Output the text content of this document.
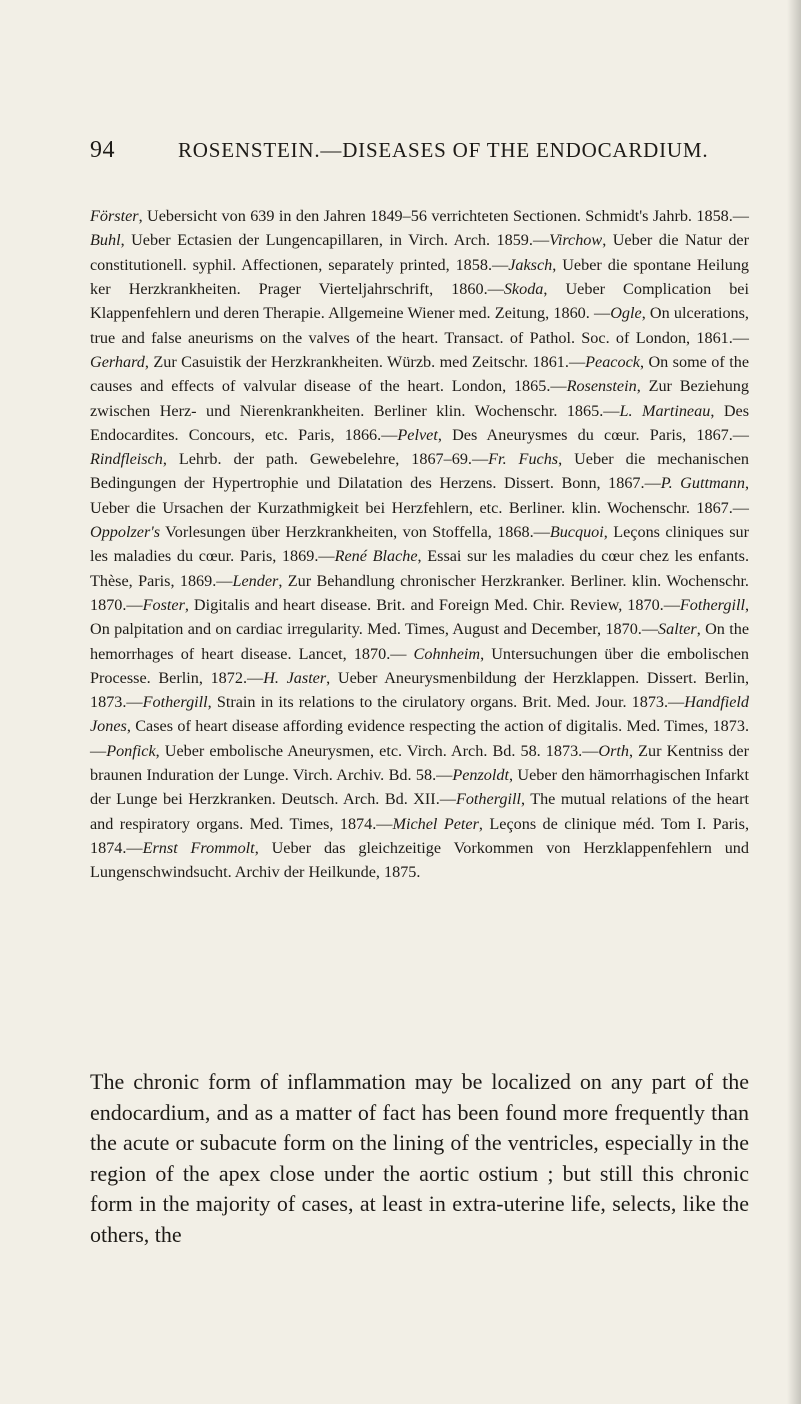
94	ROSENSTEIN.—DISEASES OF THE ENDOCARDIUM.

Förster, Uebersicht von 639 in den Jahren 1849–56 verrichteten Sectionen. Schmidt's Jahrb. 1858.—Buhl, Ueber Ectasien der Lungencapillaren, in Virch. Arch. 1859.—Virchow, Ueber die Natur der constitutionell. syphil. Affectionen, separately printed, 1858.—Jaksch, Ueber die spontane Heilung ker Herzkrankheiten. Prager Vierteljahrschrift, 1860.—Skoda, Ueber Complication bei Klappenfehlern und deren Therapie. Allgemeine Wiener med. Zeitung, 1860. —Ogle, On ulcerations, true and false aneurisms on the valves of the heart. Transact. of Pathol. Soc. of London, 1861.—Gerhard, Zur Casuistik der Herzkrankheiten. Würzb. med Zeitschr. 1861.—Peacock, On some of the causes and effects of valvular disease of the heart. London, 1865.—Rosenstein, Zur Beziehung zwischen Herz- und Nierenkrankheiten. Berliner klin. Wochenschr. 1865.—L. Martineau, Des Endocardites. Concours, etc. Paris, 1866.—Pelvet, Des Aneurysmes du cœur. Paris, 1867.—Rindfleisch, Lehrb. der path. Gewebelehre, 1867–69.—Fr. Fuchs, Ueber die mechanischen Bedingungen der Hypertrophie und Dilatation des Herzens. Dissert. Bonn, 1867.—P. Guttmann, Ueber die Ursachen der Kurzathmigkeit bei Herzfehlern, etc. Berliner. klin. Wochenschr. 1867.—Oppolzer's Vorlesungen über Herzkrankheiten, von Stoffella, 1868.—Bucquoi, Leçons cliniques sur les maladies du cœur. Paris, 1869.—René Blache, Essai sur les maladies du cœur chez les enfants. Thèse, Paris, 1869.—Lender, Zur Behandlung chronischer Herzkranker. Berliner. klin. Wochenschr. 1870.—Foster, Digitalis and heart disease. Brit. and Foreign Med. Chir. Review, 1870.—Fothergill, On palpitation and on cardiac irregularity. Med. Times, August and December, 1870.—Salter, On the hemorrhages of heart disease. Lancet, 1870.— Cohnheim, Untersuchungen über die embolischen Processe. Berlin, 1872.—H. Jaster, Ueber Aneurysmenbildung der Herzklappen. Dissert. Berlin, 1873.—Fothergill, Strain in its relations to the cirulatory organs. Brit. Med. Jour. 1873.—Handfield Jones, Cases of heart disease affording evidence respecting the action of digitalis. Med. Times, 1873.—Ponfick, Ueber embolische Aneurysmen, etc. Virch. Arch. Bd. 58. 1873.—Orth, Zur Kentniss der braunen Induration der Lunge. Virch. Archiv. Bd. 58.—Penzoldt, Ueber den hämorrhagischen Infarkt der Lunge bei Herzkranken. Deutsch. Arch. Bd. XII.—Fothergill, The mutual relations of the heart and respiratory organs. Med. Times, 1874.—Michel Peter, Leçons de clinique méd. Tom I. Paris, 1874.—Ernst Frommolt, Ueber das gleichzeitige Vorkommen von Herzklappenfehlern und Lungenschwindsucht. Archiv der Heilkunde, 1875.

The chronic form of inflammation may be localized on any part of the endocardium, and as a matter of fact has been found more frequently than the acute or subacute form on the lining of the ventricles, especially in the region of the apex close under the aortic ostium ; but still this chronic form in the majority of cases, at least in extra-uterine life, selects, like the others, the
